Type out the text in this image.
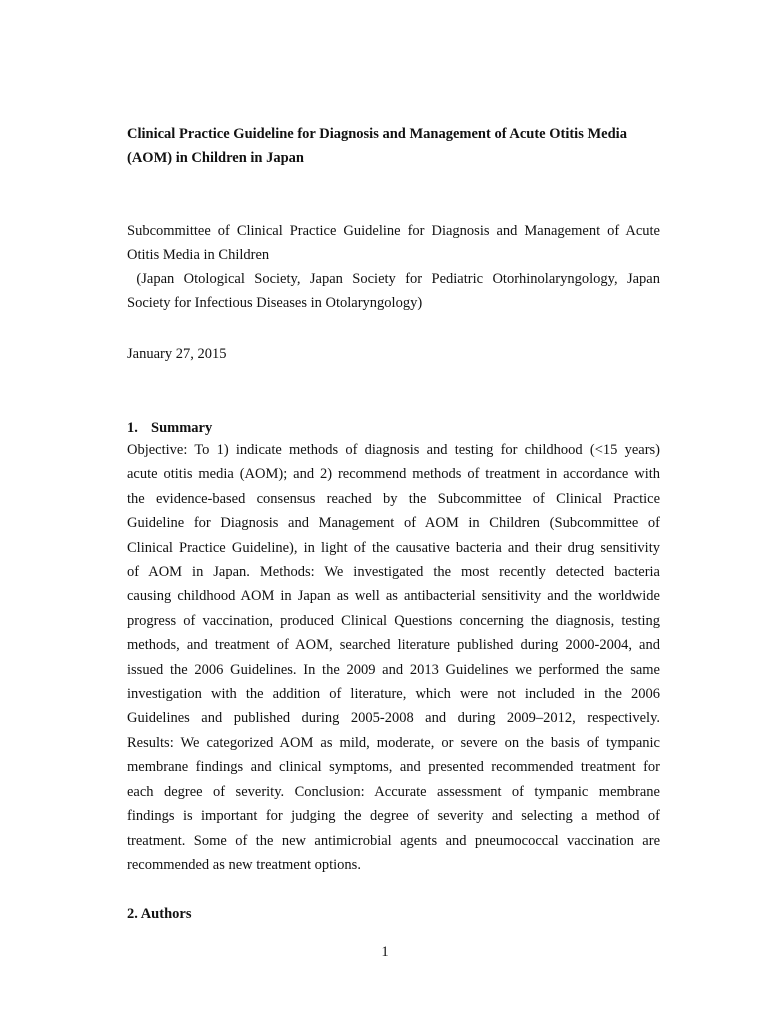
Clinical Practice Guideline for Diagnosis and Management of Acute Otitis Media
(AOM) in Children in Japan
Subcommittee of Clinical Practice Guideline for Diagnosis and Management of Acute
Otitis Media in Children
(Japan Otological Society, Japan Society for Pediatric Otorhinolaryngology, Japan
Society for Infectious Diseases in Otolaryngology)
January 27, 2015
1. Summary
Objective: To 1) indicate methods of diagnosis and testing for childhood (<15 years)
acute otitis media (AOM); and 2) recommend methods of treatment in accordance with
the evidence-based consensus reached by the Subcommittee of Clinical Practice
Guideline for Diagnosis and Management of AOM in Children (Subcommittee of
Clinical Practice Guideline), in light of the causative bacteria and their drug sensitivity
of AOM in Japan. Methods: We investigated the most recently detected bacteria
causing childhood AOM in Japan as well as antibacterial sensitivity and the worldwide
progress of vaccination, produced Clinical Questions concerning the diagnosis, testing
methods, and treatment of AOM, searched literature published during 2000‑2004, and
issued the 2006 Guidelines. In the 2009 and 2013 Guidelines we performed the same
investigation with the addition of literature, which were not included in the 2006
Guidelines and published during 2005‑2008 and during 2009–2012, respectively.
Results: We categorized AOM as mild, moderate, or severe on the basis of tympanic
membrane findings and clinical symptoms, and presented recommended treatment for
each degree of severity. Conclusion: Accurate assessment of tympanic membrane
findings is important for judging the degree of severity and selecting a method of
treatment. Some of the new antimicrobial agents and pneumococcal vaccination are
recommended as new treatment options.
2. Authors
1
